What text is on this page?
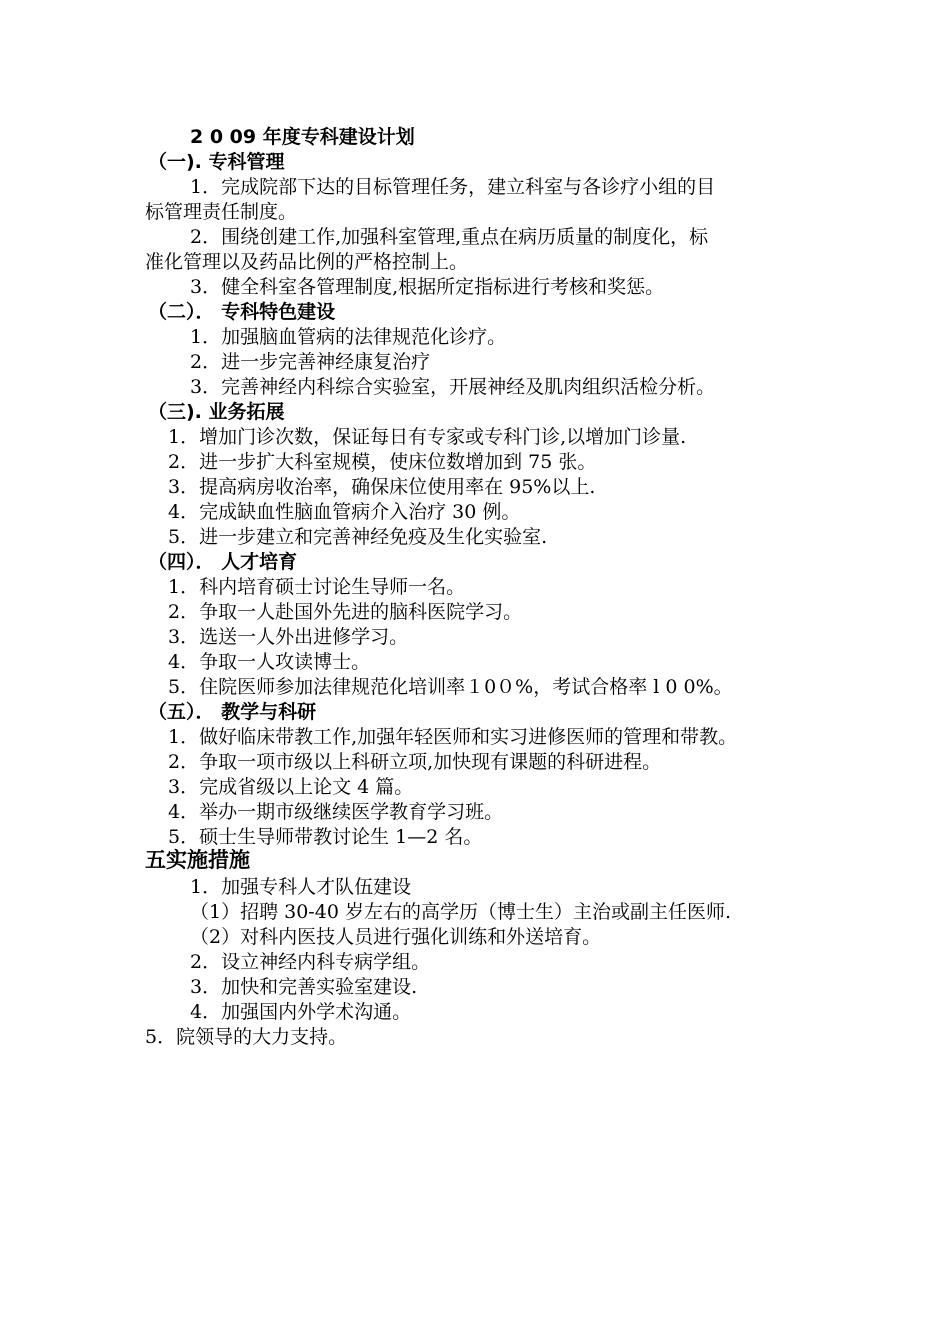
2 0 09 年度专科建设计划
（一). 专科管理
1．完成院部下达的目标管理任务，建立科室与各诊疗小组的目
标管理责任制度。
2．围绕创建工作,加强科室管理,重点在病历质量的制度化，标
准化管理以及药品比例的严格控制上。
3．健全科室各管理制度,根据所定指标进行考核和奖惩。
（二）． 专科特色建设
1．加强脑血管病的法律规范化诊疗。
2．进一步完善神经康复治疗
3．完善神经内科综合实验室，开展神经及肌肉组织活检分析。
（三). 业务拓展
1．增加门诊次数，保证每日有专家或专科门诊,以增加门诊量.
2．进一步扩大科室规模，使床位数增加到 75 张。
3．提高病房收治率，确保床位使用率在 95%以上.
4．完成缺血性脑血管病介入治疗 30 例。
5．进一步建立和完善神经免疫及生化实验室.
（四）． 人才培育
1．科内培育硕士讨论生导师一名。
2．争取一人赴国外先进的脑科医院学习。
3．选送一人外出进修学习。
4．争取一人攻读博士。
5．住院医师参加法律规范化培训率１0０%，考试合格率 l 0 0%。
（五）． 教学与科研
1．做好临床带教工作,加强年轻医师和实习进修医师的管理和带教。
2．争取一项市级以上科研立项,加快现有课题的科研进程。
3．完成省级以上论文 4 篇。
4．举办一期市级继续医学教育学习班。
5．硕士生导师带教讨论生 1—2 名。
五实施措施
1．加强专科人才队伍建设
（1）招聘 30-40 岁左右的高学历（博士生）主治或副主任医师.
（2）对科内医技人员进行强化训练和外送培育。
2．设立神经内科专病学组。
3．加快和完善实验室建设.
4．加强国内外学术沟通。
5．院领导的大力支持。
